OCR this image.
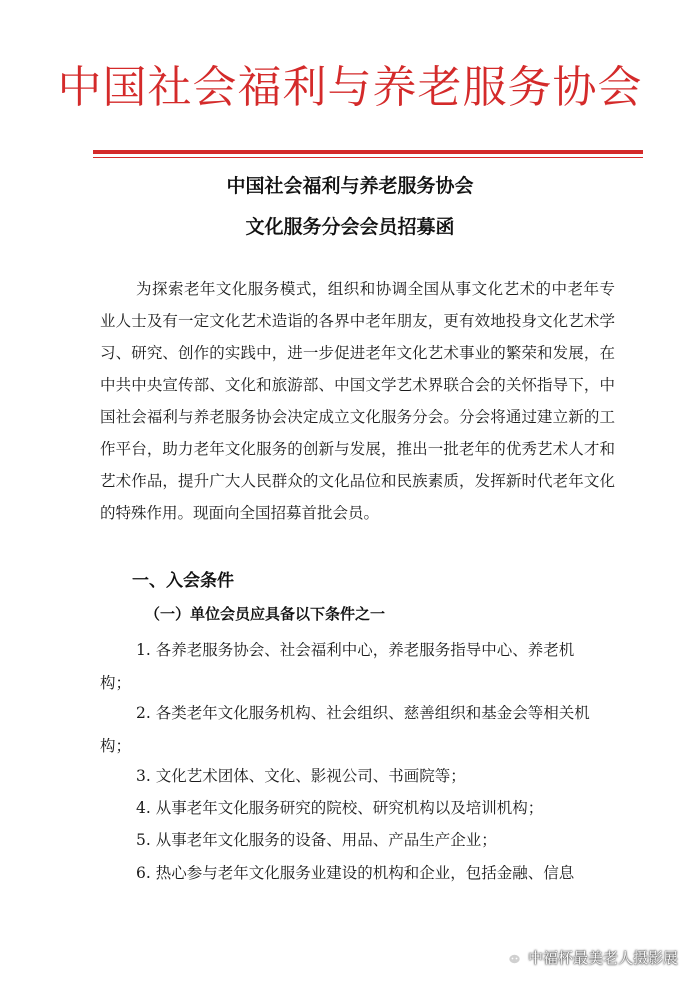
中国社会福利与养老服务协会
中国社会福利与养老服务协会
文化服务分会会员招募函

为探索老年文化服务模式，组织和协调全国从事文化艺术的中老年专业人士及有一定文化艺术造诣的各界中老年朋友，更有效地投身文化艺术学习、研究、创作的实践中，进一步促进老年文化艺术事业的繁荣和发展，在中共中央宣传部、文化和旅游部、中国文学艺术界联合会的关怀指导下，中国社会福利与养老服务协会决定成立文化服务分会。分会将通过建立新的工作平台，助力老年文化服务的创新与发展，推出一批老年的优秀艺术人才和艺术作品，提升广大人民群众的文化品位和民族素质，发挥新时代老年文化的特殊作用。现面向全国招募首批会员。

一、入会条件
（一）单位会员应具备以下条件之一

1. 各养老服务协会、社会福利中心，养老服务指导中心、养老机构；

2. 各类老年文化服务机构、社会组织、慈善组织和基金会等相关机构；

3. 文化艺术团体、文化、影视公司、书画院等；

4. 从事老年文化服务研究的院校、研究机构以及培训机构；

5. 从事老年文化服务的设备、用品、产品生产企业；

6. 热心参与老年文化服务业建设的机构和企业，包括金融、信息

中福杯最美老人摄影展
